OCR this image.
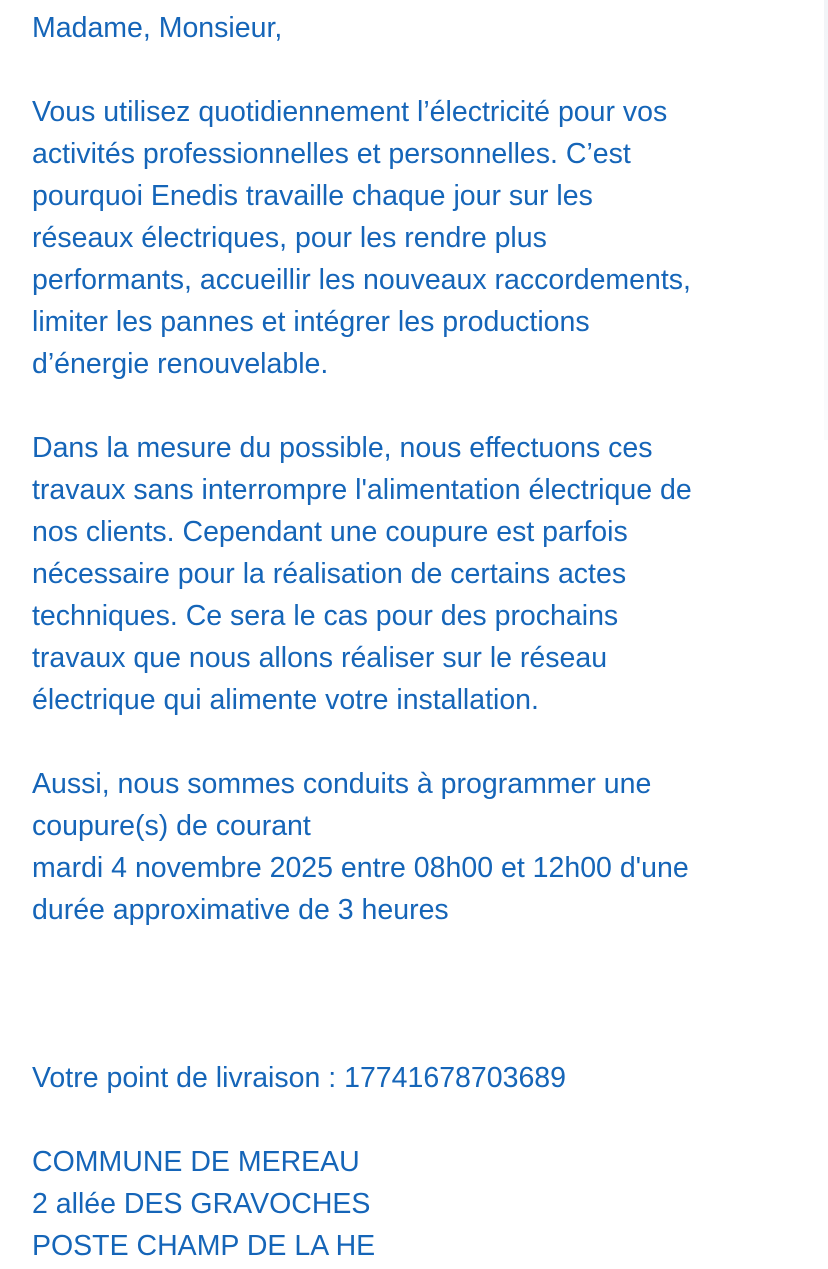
Madame, Monsieur,
Vous utilisez quotidiennement l’électricité pour vos
activités professionnelles et personnelles. C’est
pourquoi Enedis travaille chaque jour sur les
réseaux électriques, pour les rendre plus
performants, accueillir les nouveaux raccordements,
limiter les pannes et intégrer les productions
d’énergie renouvelable.
Dans la mesure du possible, nous effectuons ces
travaux sans interrompre l'alimentation électrique de
nos clients. Cependant une coupure est parfois
nécessaire pour la réalisation de certains actes
techniques. Ce sera le cas pour des prochains
travaux que nous allons réaliser sur le réseau
électrique qui alimente votre installation.
Aussi, nous sommes conduits à programmer une
coupure(s) de courant
mardi 4 novembre 2025 entre 08h00 et 12h00 d'une
durée approximative de 3 heures
Votre point de livraison : 17741678703689
COMMUNE DE MEREAU
2 allée DES GRAVOCHES
POSTE CHAMP DE LA HE
